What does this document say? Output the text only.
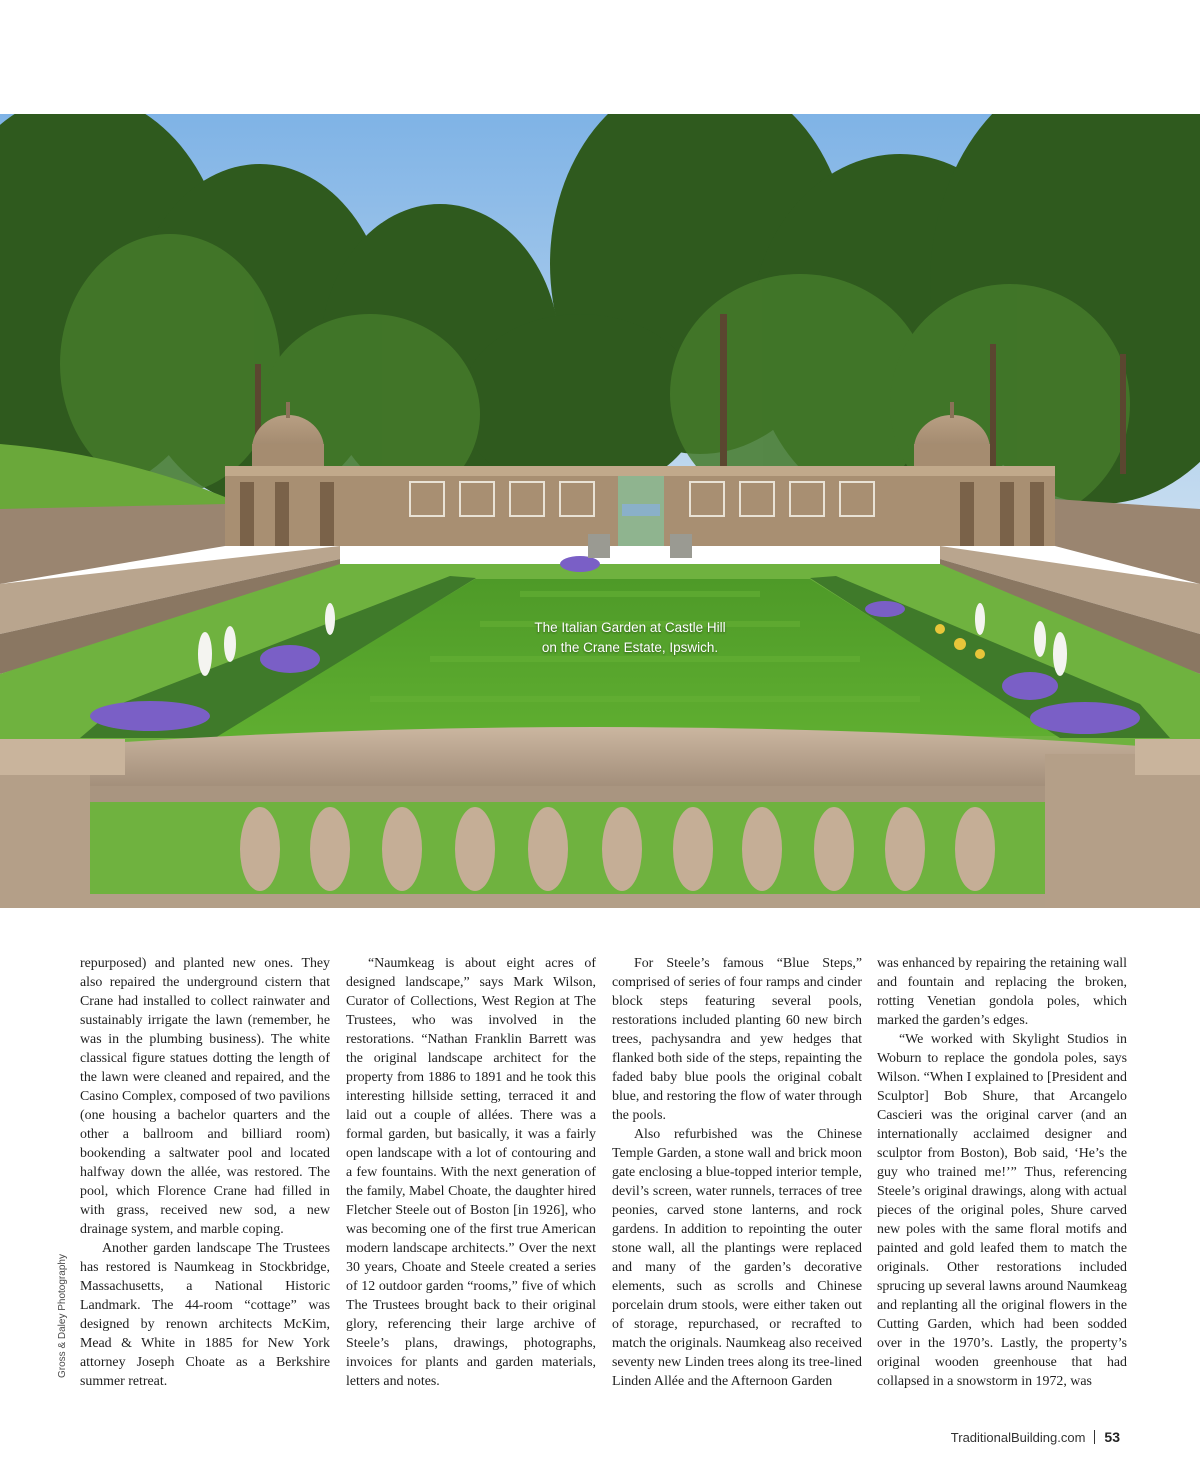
The Italian Garden at Castle Hill
on the Crane Estate, Ipswich.
Gross & Daley Photography

repurposed) and planted new ones. They also repaired the underground cistern that Crane had installed to collect rainwater and sustainably irrigate the lawn (remember, he was in the plumbing business). The white classical figure statues dotting the length of the lawn were cleaned and repaired, and the Casino Complex, composed of two pavilions (one housing a bachelor quarters and the other a ballroom and billiard room) bookending a saltwater pool and located halfway down the allée, was restored. The pool, which Florence Crane had filled in with grass, received new sod, a new drainage system, and marble coping.

Another garden landscape The Trustees has restored is Naumkeag in Stockbridge, Massachusetts, a National Historic Landmark. The 44-room “cottage” was designed by renown architects McKim, Mead & White in 1885 for New York attorney Joseph Choate as a Berkshire summer retreat.

“Naumkeag is about eight acres of designed landscape,” says Mark Wilson, Curator of Collections, West Region at The Trustees, who was involved in the restorations. “Nathan Franklin Barrett was the original landscape architect for the property from 1886 to 1891 and he took this interesting hillside setting, terraced it and laid out a couple of allées. There was a formal garden, but basically, it was a fairly open landscape with a lot of contouring and a few fountains. With the next generation of the family, Mabel Choate, the daughter hired Fletcher Steele out of Boston [in 1926], who was becoming one of the first true American modern landscape architects.” Over the next 30 years, Choate and Steele created a series of 12 outdoor garden “rooms,” five of which The Trustees brought back to their original glory, referencing their large archive of Steele’s plans, drawings, photographs, invoices for plants and garden materials, letters and notes.

For Steele’s famous “Blue Steps,” comprised of series of four ramps and cinder block steps featuring several pools, restorations included planting 60 new birch trees, pachysandra and yew hedges that flanked both side of the steps, repainting the faded baby blue pools the original cobalt blue, and restoring the flow of water through the pools.

Also refurbished was the Chinese Temple Garden, a stone wall and brick moon gate enclosing a blue-topped interior temple, devil’s screen, water runnels, terraces of tree peonies, carved stone lanterns, and rock gardens. In addition to repointing the outer stone wall, all the plantings were replaced and many of the garden’s decorative elements, such as scrolls and Chinese porcelain drum stools, were either taken out of storage, repurchased, or recrafted to match the originals. Naumkeag also received seventy new Linden trees along its tree-lined Linden Allée and the Afternoon Garden

was enhanced by repairing the retaining wall and fountain and replacing the broken, rotting Venetian gondola poles, which marked the garden’s edges.

“We worked with Skylight Studios in Woburn to replace the gondola poles, says Wilson. “When I explained to [President and Sculptor] Bob Shure, that Arcangelo Cascieri was the original carver (and an internationally acclaimed designer and sculptor from Boston), Bob said, ‘He’s the guy who trained me!’” Thus, referencing Steele’s original drawings, along with actual pieces of the original poles, Shure carved new poles with the same floral motifs and painted and gold leafed them to match the originals. Other restorations included sprucing up several lawns around Naumkeag and replanting all the original flowers in the Cutting Garden, which had been sodded over in the 1970’s. Lastly, the property’s original wooden greenhouse that had collapsed in a snowstorm in 1972, was

TraditionalBuilding.com 53
